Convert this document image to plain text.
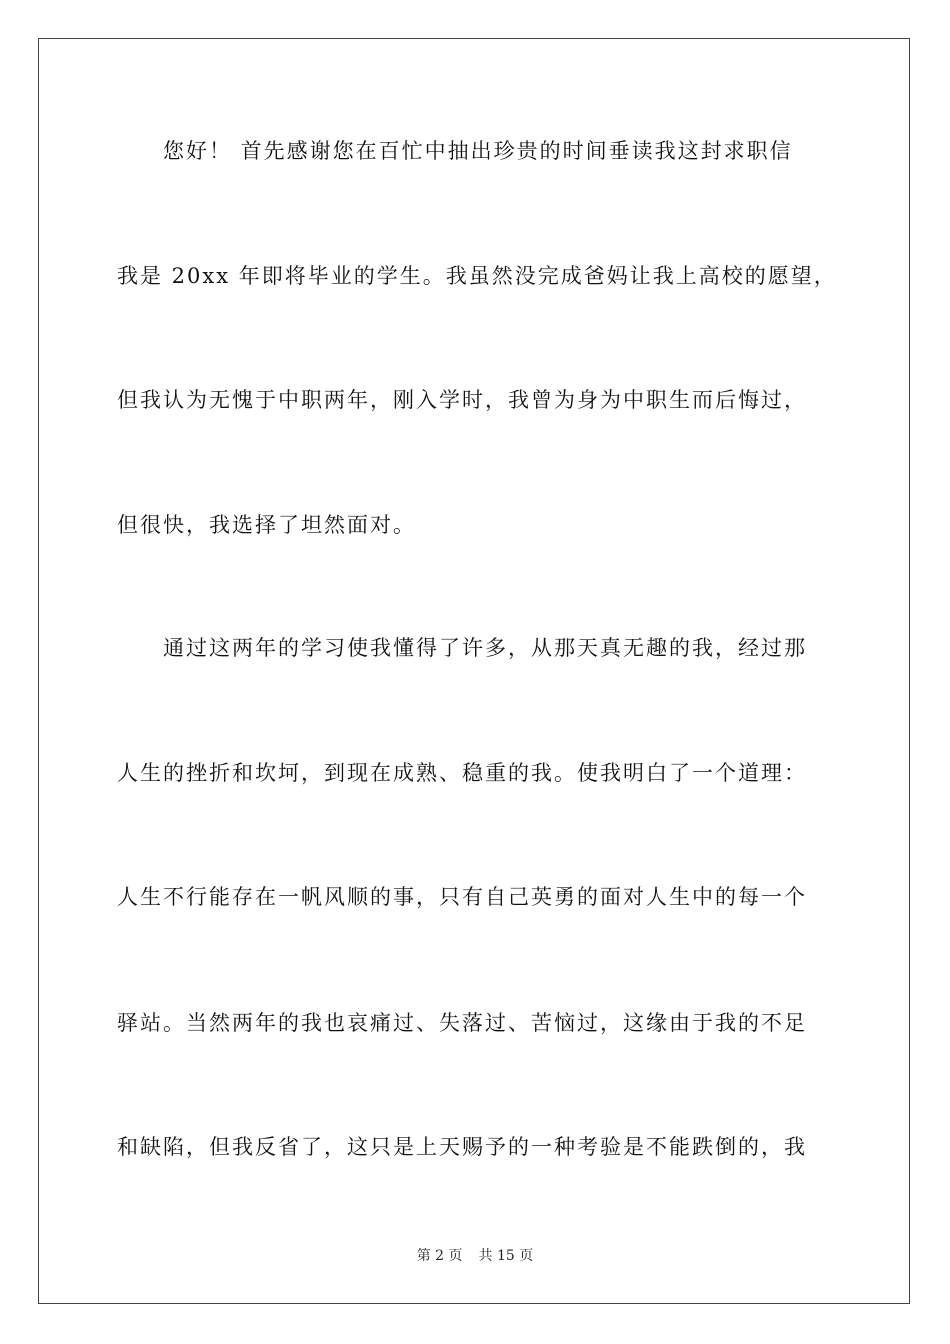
您好！ 首先感谢您在百忙中抽出珍贵的时间垂读我这封求职信
我是 20xx 年即将毕业的学生。我虽然没完成爸妈让我上高校的愿望，
但我认为无愧于中职两年，刚入学时，我曾为身为中职生而后悔过，
但很快，我选择了坦然面对。
通过这两年的学习使我懂得了许多，从那天真无趣的我，经过那
人生的挫折和坎坷，到现在成熟、稳重的我。使我明白了一个道理：
人生不行能存在一帆风顺的事，只有自己英勇的面对人生中的每一个
驿站。当然两年的我也哀痛过、失落过、苦恼过，这缘由于我的不足
和缺陷，但我反省了，这只是上天赐予的一种考验是不能跌倒的，我
第 2 页 共 15 页
